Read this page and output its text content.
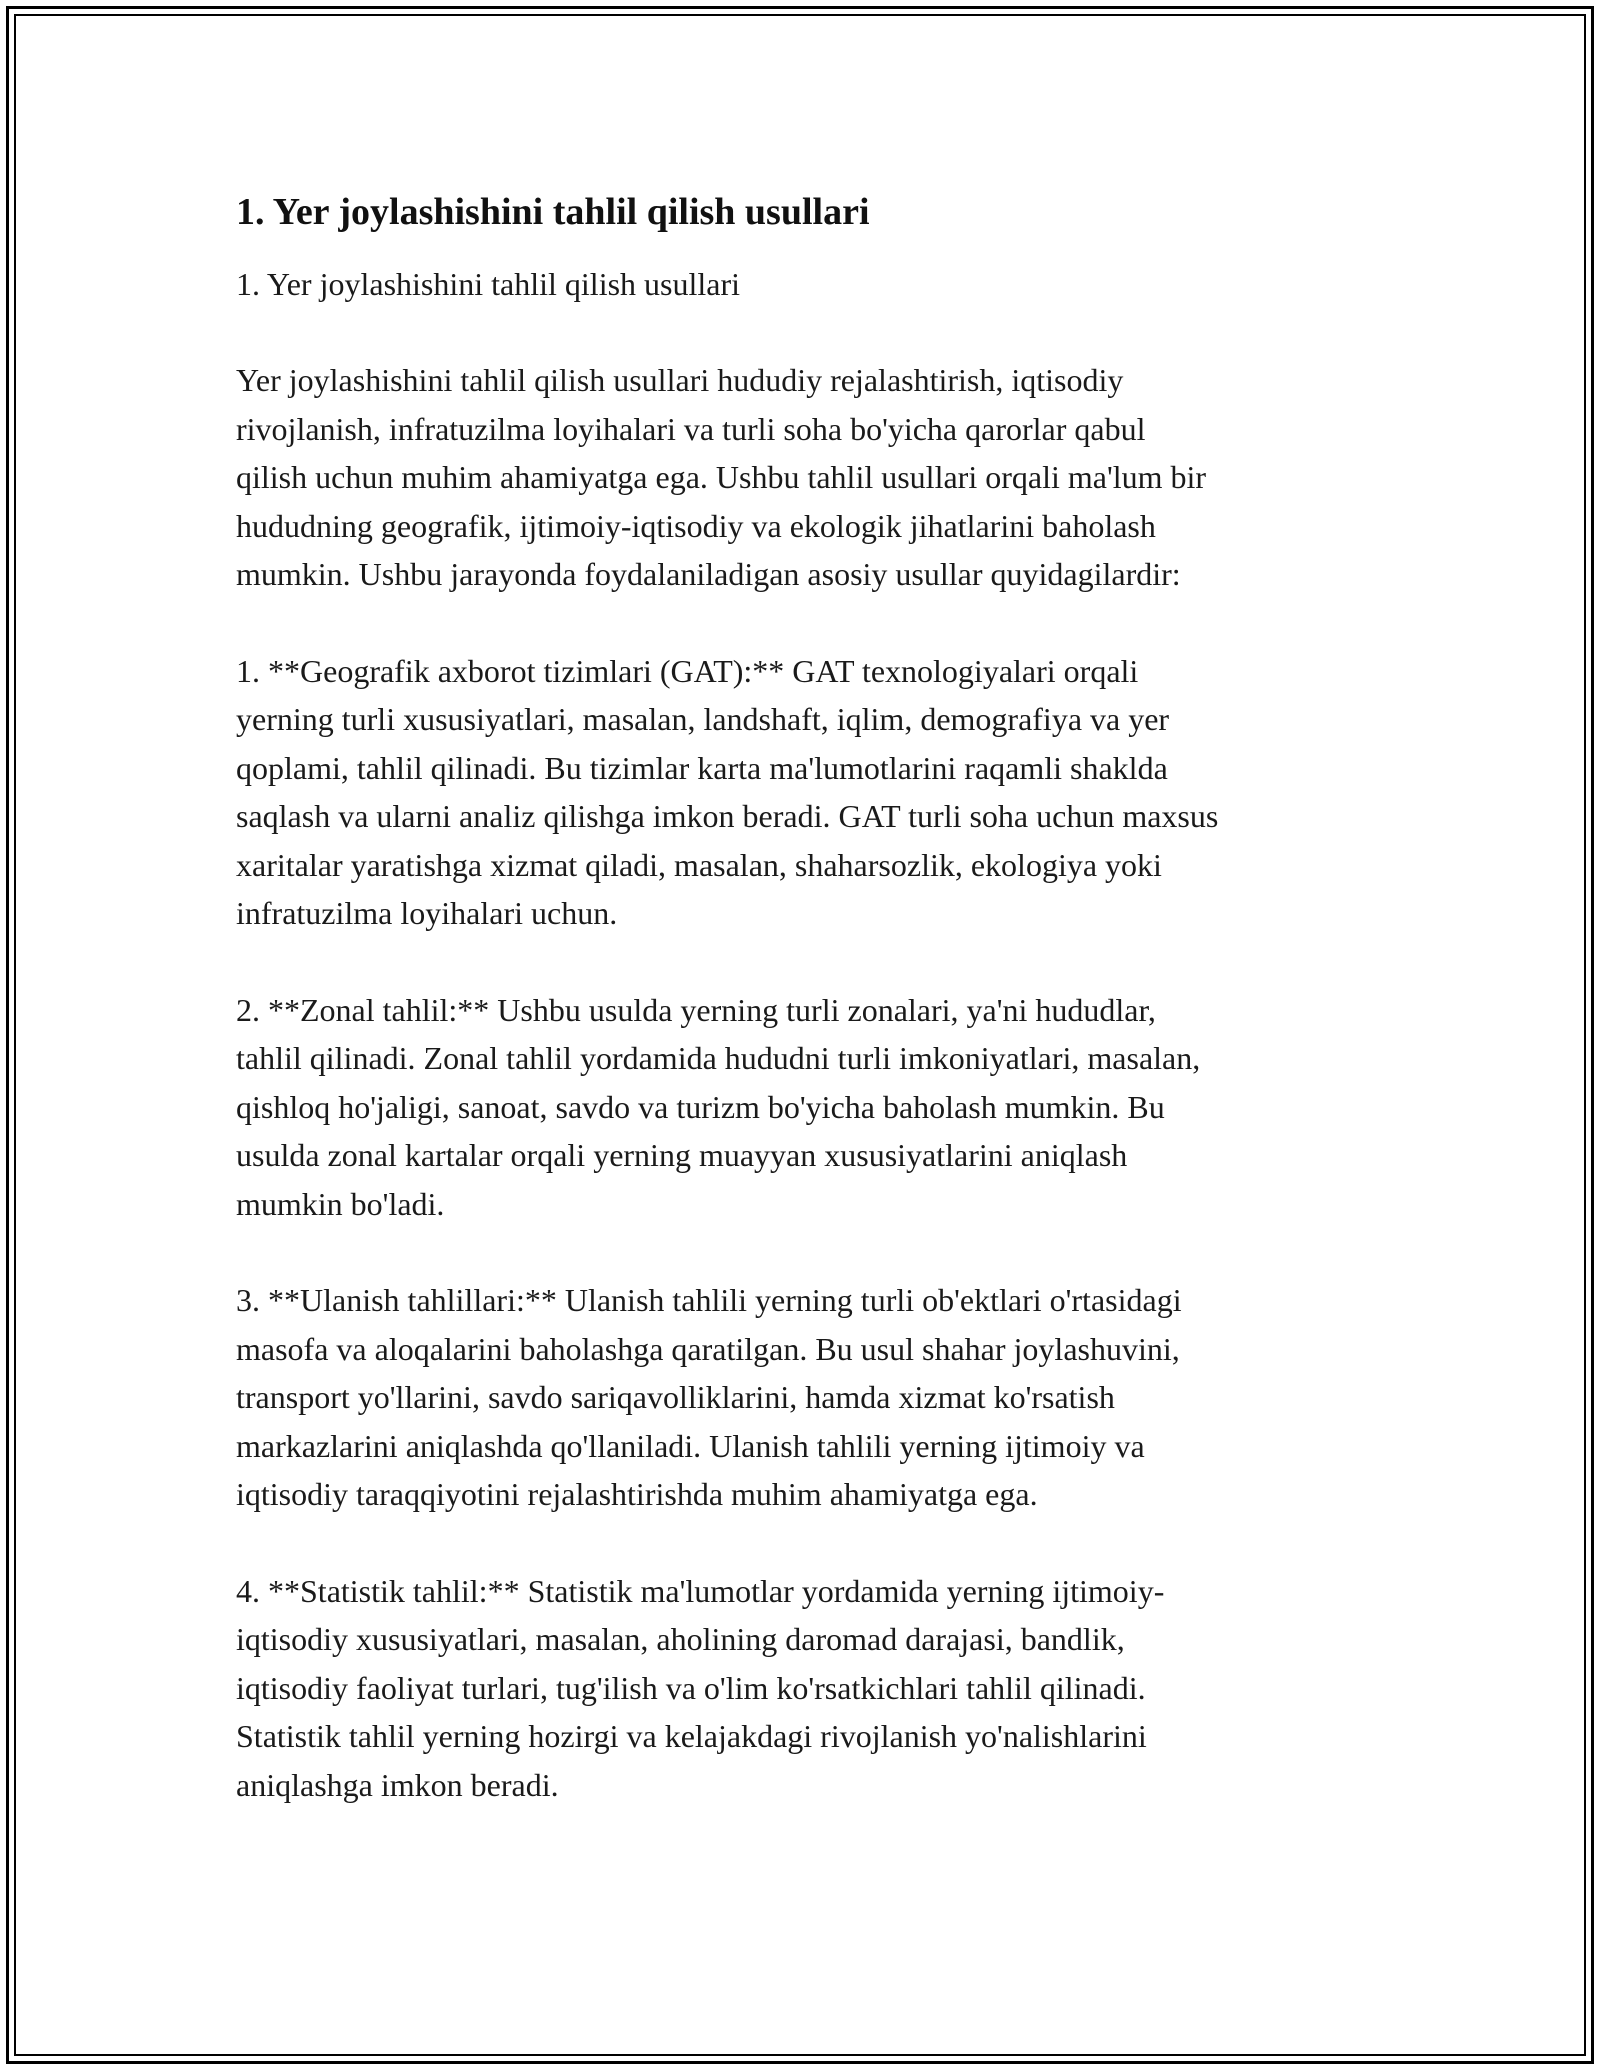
1. Yer joylashishini tahlil qilish usullari

1. Yer joylashishini tahlil qilish usullari

Yer joylashishini tahlil qilish usullari hududiy rejalashtirish, iqtisodiy
rivojlanish, infratuzilma loyihalari va turli soha bo'yicha qarorlar qabul
qilish uchun muhim ahamiyatga ega. Ushbu tahlil usullari orqali ma'lum bir
hududning geografik, ijtimoiy-iqtisodiy va ekologik jihatlarini baholash
mumkin. Ushbu jarayonda foydalaniladigan asosiy usullar quyidagilardir:

1. **Geografik axborot tizimlari (GAT):** GAT texnologiyalari orqali
yerning turli xususiyatlari, masalan, landshaft, iqlim, demografiya va yer
qoplami, tahlil qilinadi. Bu tizimlar karta ma'lumotlarini raqamli shaklda
saqlash va ularni analiz qilishga imkon beradi. GAT turli soha uchun maxsus
xaritalar yaratishga xizmat qiladi, masalan, shaharsozlik, ekologiya yoki
infratuzilma loyihalari uchun.

2. **Zonal tahlil:** Ushbu usulda yerning turli zonalari, ya'ni hududlar,
tahlil qilinadi. Zonal tahlil yordamida hududni turli imkoniyatlari, masalan,
qishloq ho'jaligi, sanoat, savdo va turizm bo'yicha baholash mumkin. Bu
usulda zonal kartalar orqali yerning muayyan xususiyatlarini aniqlash
mumkin bo'ladi.

3. **Ulanish tahlillari:** Ulanish tahlili yerning turli ob'ektlari o'rtasidagi
masofa va aloqalarini baholashga qaratilgan. Bu usul shahar joylashuvini,
transport yo'llarini, savdo sariqavolliklarini, hamda xizmat ko'rsatish
markazlarini aniqlashda qo'llaniladi. Ulanish tahlili yerning ijtimoiy va
iqtisodiy taraqqiyotini rejalashtirishda muhim ahamiyatga ega.

4. **Statistik tahlil:** Statistik ma'lumotlar yordamida yerning ijtimoiy-
iqtisodiy xususiyatlari, masalan, aholining daromad darajasi, bandlik,
iqtisodiy faoliyat turlari, tug'ilish va o'lim ko'rsatkichlari tahlil qilinadi.
Statistik tahlil yerning hozirgi va kelajakdagi rivojlanish yo'nalishlarini
aniqlashga imkon beradi.
